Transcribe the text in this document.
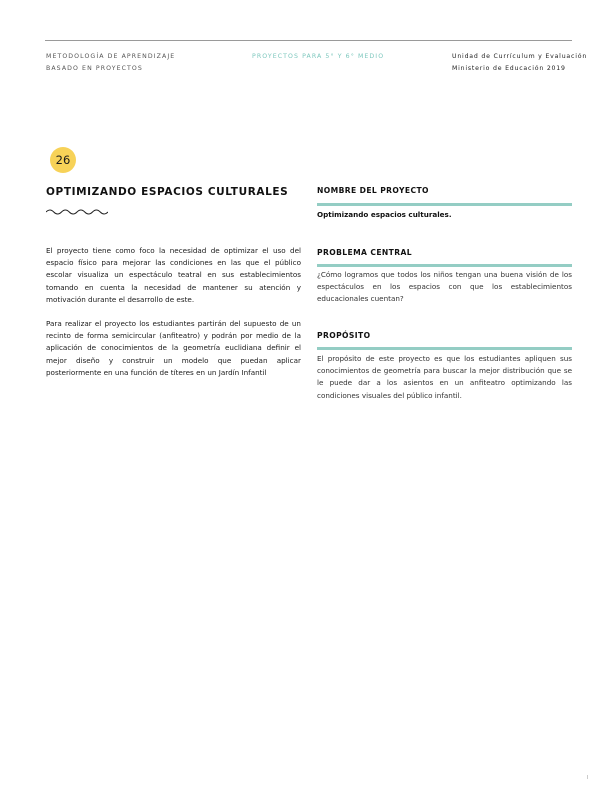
METODOLOGÍA DE APRENDIZAJE
BASADO EN PROYECTOS
PROYECTOS PARA 5° Y 6° MEDIO	Unidad de Currículum y Evaluación
Ministerio de Educación 2019
26
OPTIMIZANDO ESPACIOS CULTURALES

El proyecto tiene como foco la necesidad de optimizar el uso del espacio físico para mejorar las condiciones en las que el público escolar visualiza un espectáculo teatral en sus establecimientos tomando en cuenta la necesidad de mantener su atención y motivación durante el desarrollo de este.

Para realizar el proyecto los estudiantes partirán del supuesto de un recinto de forma semicircular (anfiteatro) y podrán por medio de la aplicación de conocimientos de la geometría euclidiana definir el mejor diseño y construir un modelo que puedan aplicar posteriormente en una función de títeres en un Jardín Infantil

NOMBRE DEL PROYECTO

Optimizando espacios culturales.

PROBLEMA CENTRAL

¿Cómo logramos que todos los niños tengan una buena visión de los espectáculos en los espacios con que los establecimientos educacionales cuentan?

PROPÓSITO

El propósito de este proyecto es que los estudiantes apliquen sus conocimientos de geometría para buscar la mejor distribución que se le puede dar a los asientos en un anfiteatro optimizando las condiciones visuales del público infantil.
